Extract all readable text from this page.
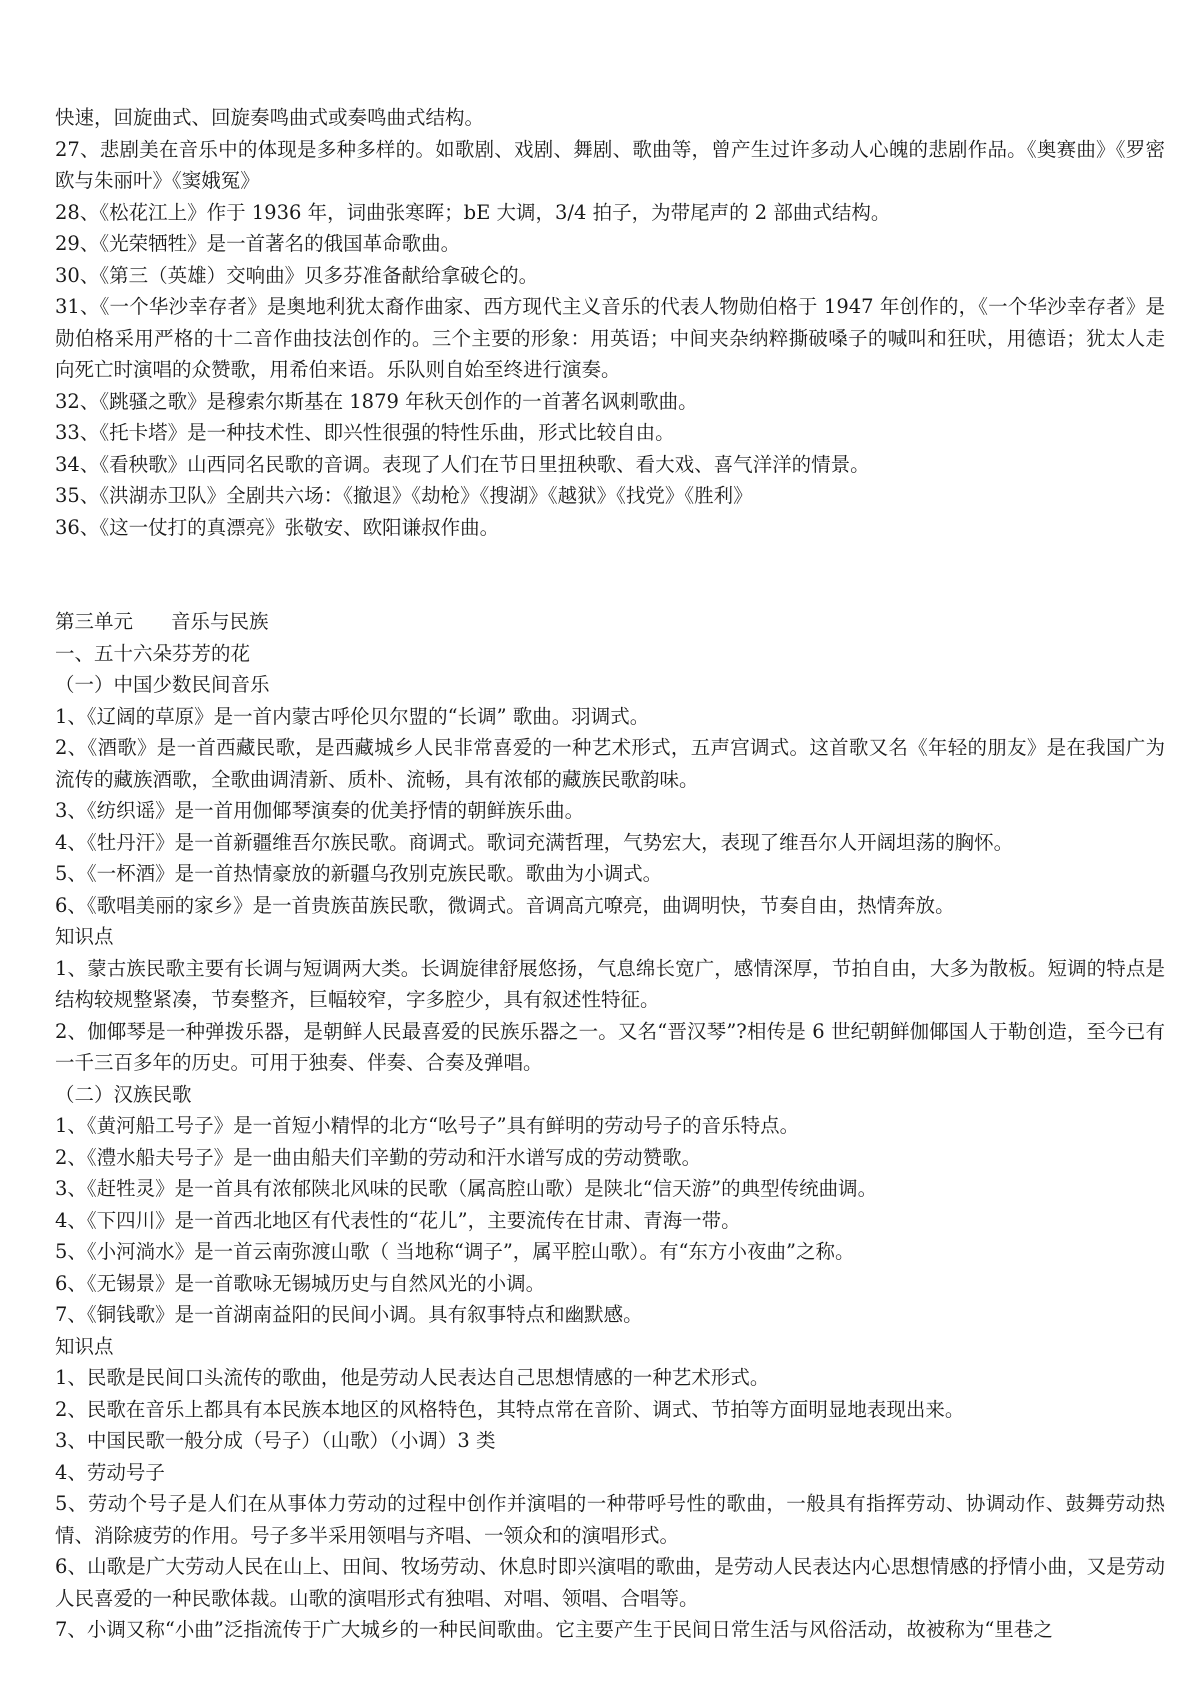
快速，回旋曲式、回旋奏鸣曲式或奏鸣曲式结构。

27、悲剧美在音乐中的体现是多种多样的。如歌剧、戏剧、舞剧、歌曲等，曾产生过许多动人心魄的悲剧作品。《奥赛曲》《罗密欧与朱丽叶》《窦娥冤》

28、《松花江上》作于 1936 年，词曲张寒晖；bE 大调，3/4 拍子，为带尾声的 2 部曲式结构。

29、《光荣牺牲》是一首著名的俄国革命歌曲。

30、《第三（英雄）交响曲》贝多芬准备献给拿破仑的。

31、《一个华沙幸存者》是奥地利犹太裔作曲家、西方现代主义音乐的代表人物勋伯格于 1947 年创作的，《一个华沙幸存者》是勋伯格采用严格的十二音作曲技法创作的。三个主要的形象：用英语；中间夹杂纳粹撕破嗓子的喊叫和狂吠，用德语；犹太人走向死亡时演唱的众赞歌，用希伯来语。乐队则自始至终进行演奏。

32、《跳骚之歌》是穆索尔斯基在 1879 年秋天创作的一首著名讽刺歌曲。

33、《托卡塔》是一种技术性、即兴性很强的特性乐曲，形式比较自由。

34、《看秧歌》山西同名民歌的音调。表现了人们在节日里扭秧歌、看大戏、喜气洋洋的情景。

35、《洪湖赤卫队》全剧共六场：《撤退》《劫枪》《搜湖》《越狱》《找党》《胜利》

36、《这一仗打的真漂亮》张敬安、欧阳谦叔作曲。

第三单元 音乐与民族

一、五十六朵芬芳的花

（一）中国少数民间音乐

1、《辽阔的草原》是一首内蒙古呼伦贝尔盟的“长调” 歌曲。羽调式。

2、《酒歌》是一首西藏民歌，是西藏城乡人民非常喜爱的一种艺术形式，五声宫调式。这首歌又名《年轻的朋友》是在我国广为流传的藏族酒歌，全歌曲调清新、质朴、流畅，具有浓郁的藏族民歌韵味。

3、《纺织谣》是一首用伽倻琴演奏的优美抒情的朝鲜族乐曲。

4、《牡丹汗》是一首新疆维吾尔族民歌。商调式。歌词充满哲理，气势宏大，表现了维吾尔人开阔坦荡的胸怀。

5、《一杯酒》是一首热情豪放的新疆乌孜别克族民歌。歌曲为小调式。

6、《歌唱美丽的家乡》是一首贵族苗族民歌，微调式。音调高亢嘹亮，曲调明快，节奏自由，热情奔放。

知识点

1、蒙古族民歌主要有长调与短调两大类。长调旋律舒展悠扬，气息绵长宽广，感情深厚，节拍自由，大多为散板。短调的特点是结构较规整紧凑，节奏整齐，巨幅较窄，字多腔少，具有叙述性特征。

2、伽倻琴是一种弹拨乐器，是朝鲜人民最喜爱的民族乐器之一。又名“晋汉琴”?相传是 6 世纪朝鲜伽倻国人于勒创造，至今已有一千三百多年的历史。可用于独奏、伴奏、合奏及弹唱。

（二）汉族民歌

1、《黄河船工号子》是一首短小精悍的北方“吆号子”具有鲜明的劳动号子的音乐特点。

2、《澧水船夫号子》是一曲由船夫们辛勤的劳动和汗水谱写成的劳动赞歌。

3、《赶牲灵》是一首具有浓郁陕北风味的民歌（属高腔山歌）是陕北“信天游”的典型传统曲调。

4、《下四川》是一首西北地区有代表性的“花儿”，主要流传在甘肃、青海一带。

5、《小河淌水》是一首云南弥渡山歌（ 当地称“调子”，属平腔山歌）。有“东方小夜曲”之称。

6、《无锡景》是一首歌咏无锡城历史与自然风光的小调。

7、《铜钱歌》是一首湖南益阳的民间小调。具有叙事特点和幽默感。

知识点

1、民歌是民间口头流传的歌曲，他是劳动人民表达自己思想情感的一种艺术形式。

2、民歌在音乐上都具有本民族本地区的风格特色，其特点常在音阶、调式、节拍等方面明显地表现出来。

3、中国民歌一般分成（号子）（山歌）（小调）3 类

4、劳动号子

5、劳动个号子是人们在从事体力劳动的过程中创作并演唱的一种带呼号性的歌曲，一般具有指挥劳动、协调动作、鼓舞劳动热情、消除疲劳的作用。号子多半采用领唱与齐唱、一领众和的演唱形式。

6、山歌是广大劳动人民在山上、田间、牧场劳动、休息时即兴演唱的歌曲，是劳动人民表达内心思想情感的抒情小曲，又是劳动人民喜爱的一种民歌体裁。山歌的演唱形式有独唱、对唱、领唱、合唱等。

7、小调又称“小曲”泛指流传于广大城乡的一种民间歌曲。它主要产生于民间日常生活与风俗活动，故被称为“里巷之
